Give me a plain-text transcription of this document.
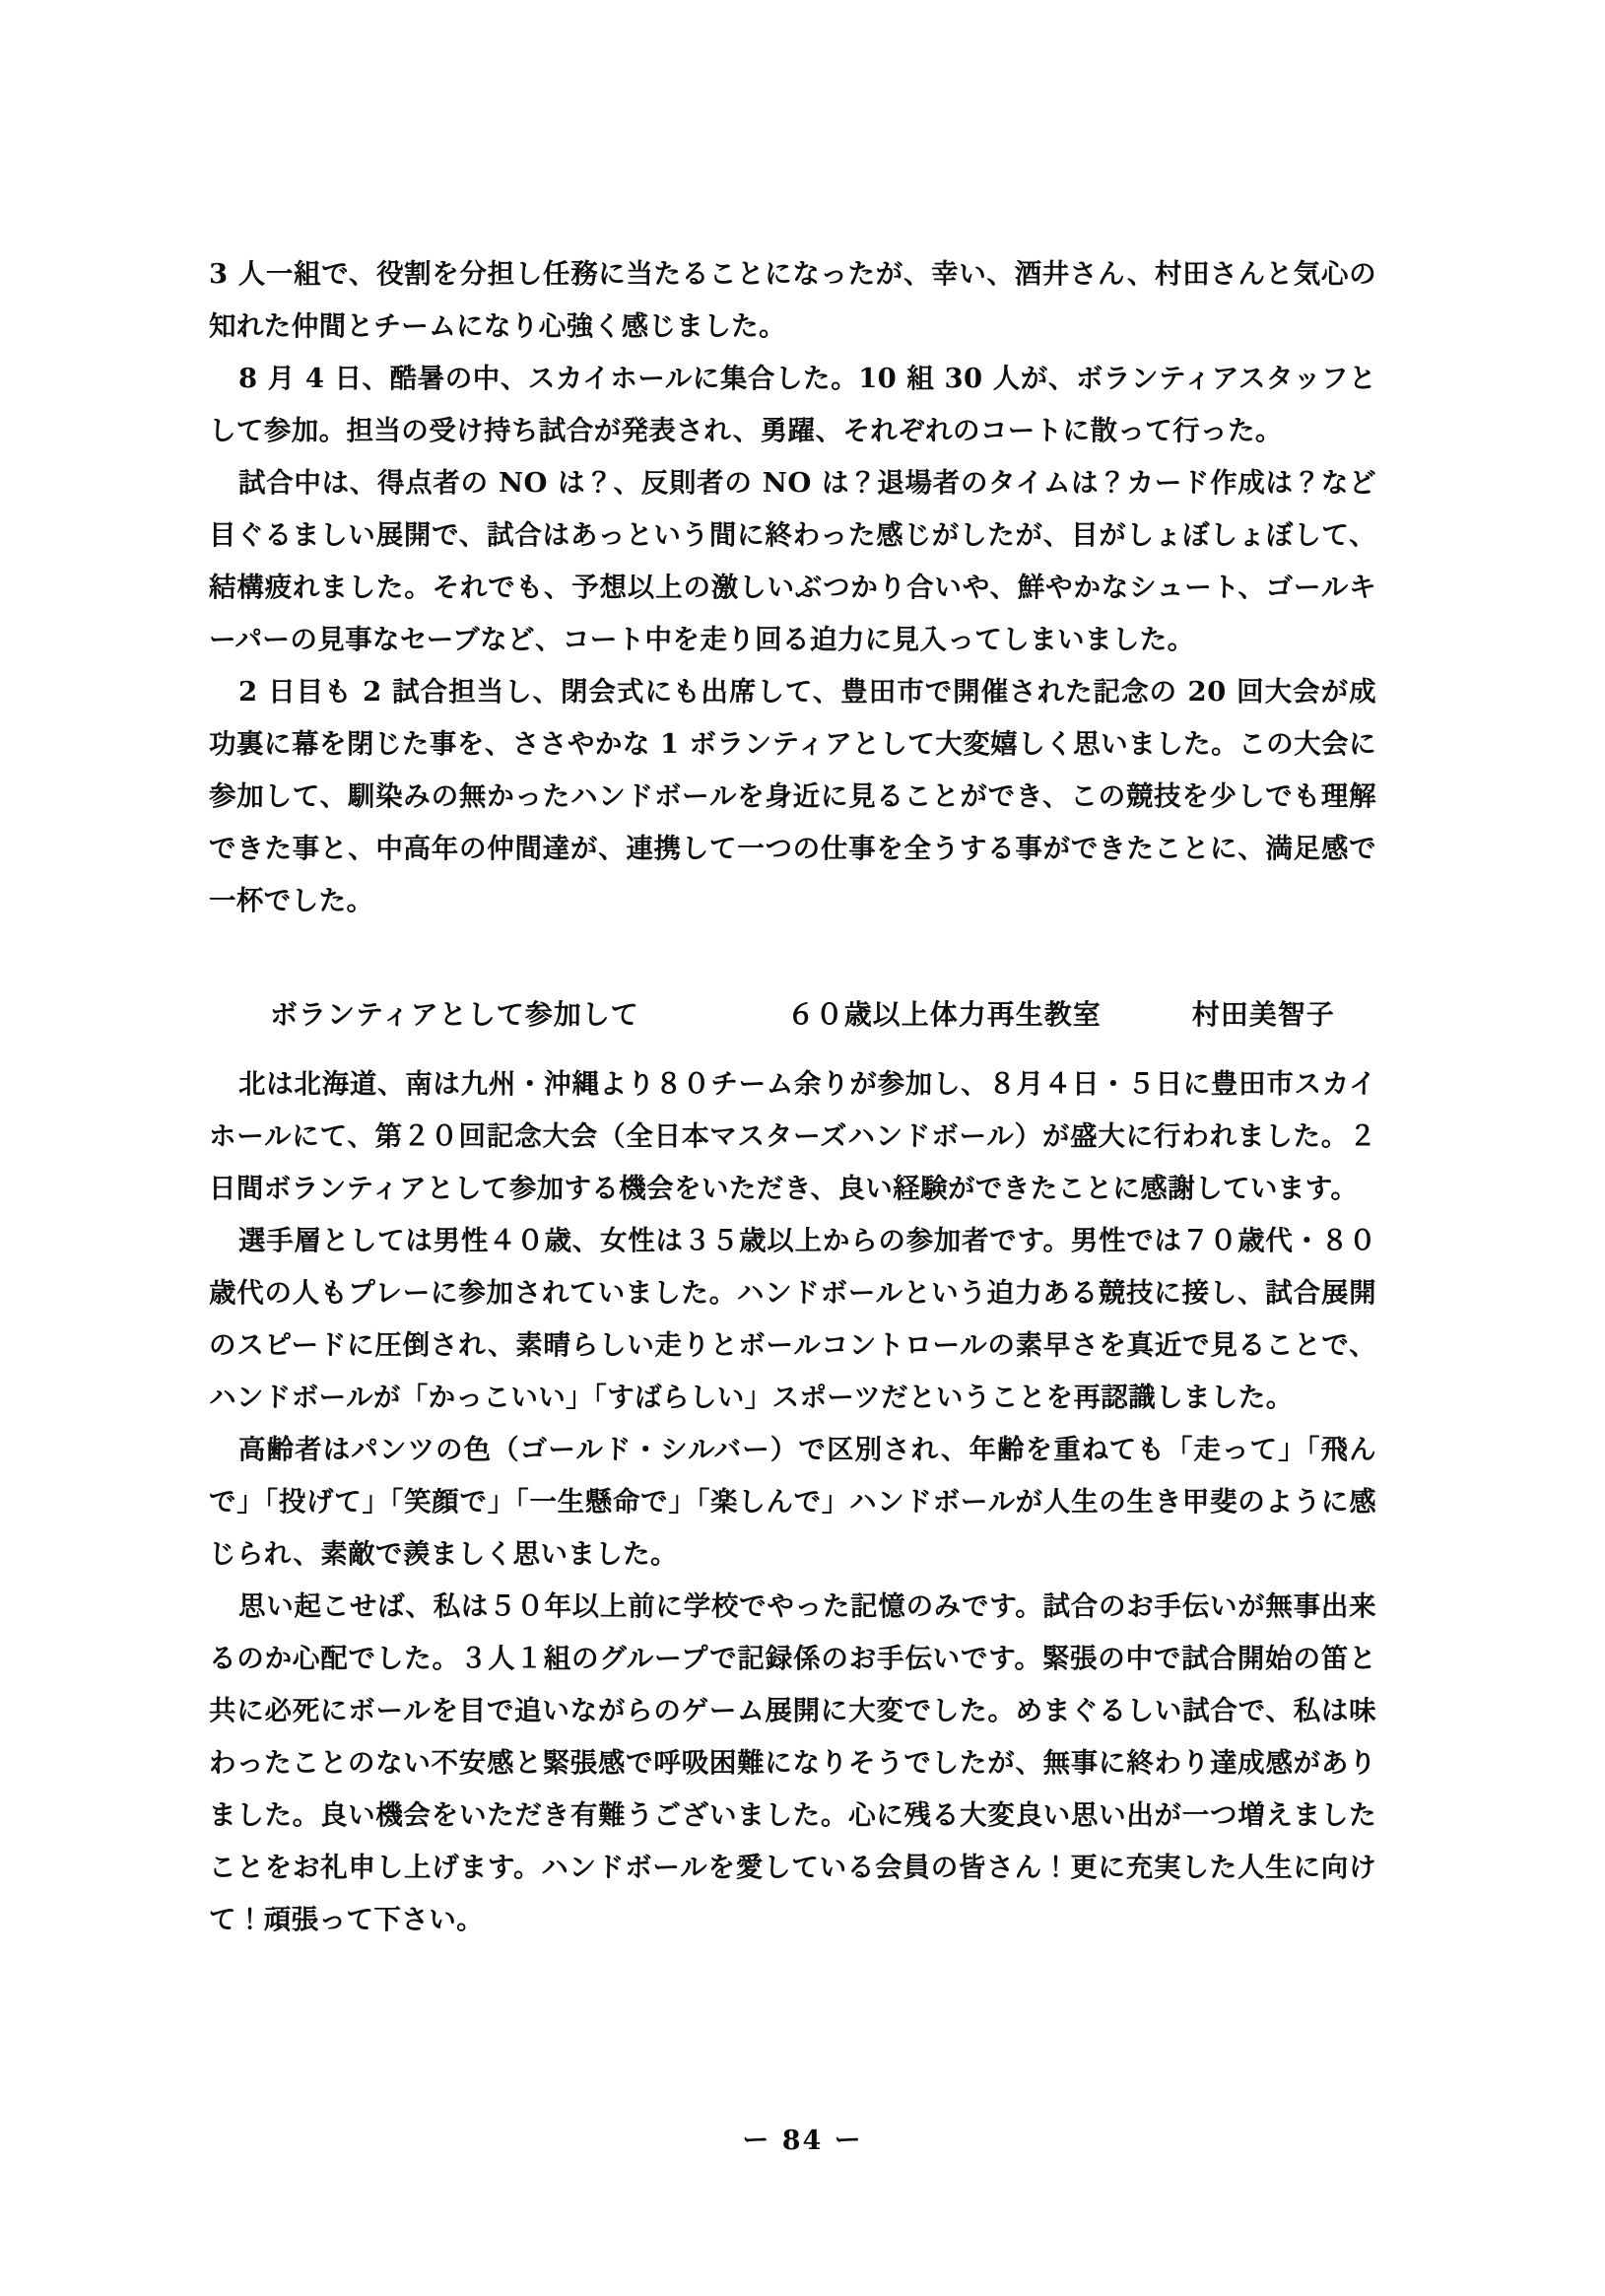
3 人一組で、役割を分担し任務に当たることになったが、幸い、酒井さん、村田さんと気心の知れた仲間とチームになり心強く感じました。

8 月 4 日、酷暑の中、スカイホールに集合した。10 組 30 人が、ボランティアスタッフとして参加。担当の受け持ち試合が発表され、勇躍、それぞれのコートに散って行った。

試合中は、得点者の NO は？、反則者の NO は？退場者のタイムは？カード作成は？など目ぐるましい展開で、試合はあっという間に終わった感じがしたが、目がしょぼしょぼして、結構疲れました。それでも、予想以上の激しいぶつかり合いや、鮮やかなシュート、ゴールキーパーの見事なセーブなど、コート中を走り回る迫力に見入ってしまいました。

2 日目も 2 試合担当し、閉会式にも出席して、豊田市で開催された記念の 20 回大会が成功裏に幕を閉じた事を、ささやかな 1 ボランティアとして大変嬉しく思いました。この大会に参加して、馴染みの無かったハンドボールを身近に見ることができ、この競技を少しでも理解できた事と、中高年の仲間達が、連携して一つの仕事を全うする事ができたことに、満足感で一杯でした。

ボランティアとして参加して	６０歳以上体力再生教室	村田美智子

北は北海道、南は九州・沖縄より８０チーム余りが参加し、８月４日・５日に豊田市スカイホールにて、第２０回記念大会（全日本マスターズハンドボール）が盛大に行われました。２日間ボランティアとして参加する機会をいただき、良い経験ができたことに感謝しています。

選手層としては男性４０歳、女性は３５歳以上からの参加者です。男性では７０歳代・８０歳代の人もプレーに参加されていました。ハンドボールという迫力ある競技に接し、試合展開のスピードに圧倒され、素晴らしい走りとボールコントロールの素早さを真近で見ることで、ハンドボールが「かっこいい」「すばらしい」スポーツだということを再認識しました。

高齢者はパンツの色（ゴールド・シルバー）で区別され、年齢を重ねても「走って」「飛んで」「投げて」「笑顔で」「一生懸命で」「楽しんで」ハンドボールが人生の生き甲斐のように感じられ、素敵で羨ましく思いました。

思い起こせば、私は５０年以上前に学校でやった記憶のみです。試合のお手伝いが無事出来るのか心配でした。３人１組のグループで記録係のお手伝いです。緊張の中で試合開始の笛と共に必死にボールを目で追いながらのゲーム展開に大変でした。めまぐるしい試合で、私は味わったことのない不安感と緊張感で呼吸困難になりそうでしたが、無事に終わり達成感がありました。良い機会をいただき有難うございました。心に残る大変良い思い出が一つ増えましたことをお礼申し上げます。ハンドボールを愛している会員の皆さん！更に充実した人生に向けて！頑張って下さい。

ー 84 ー
